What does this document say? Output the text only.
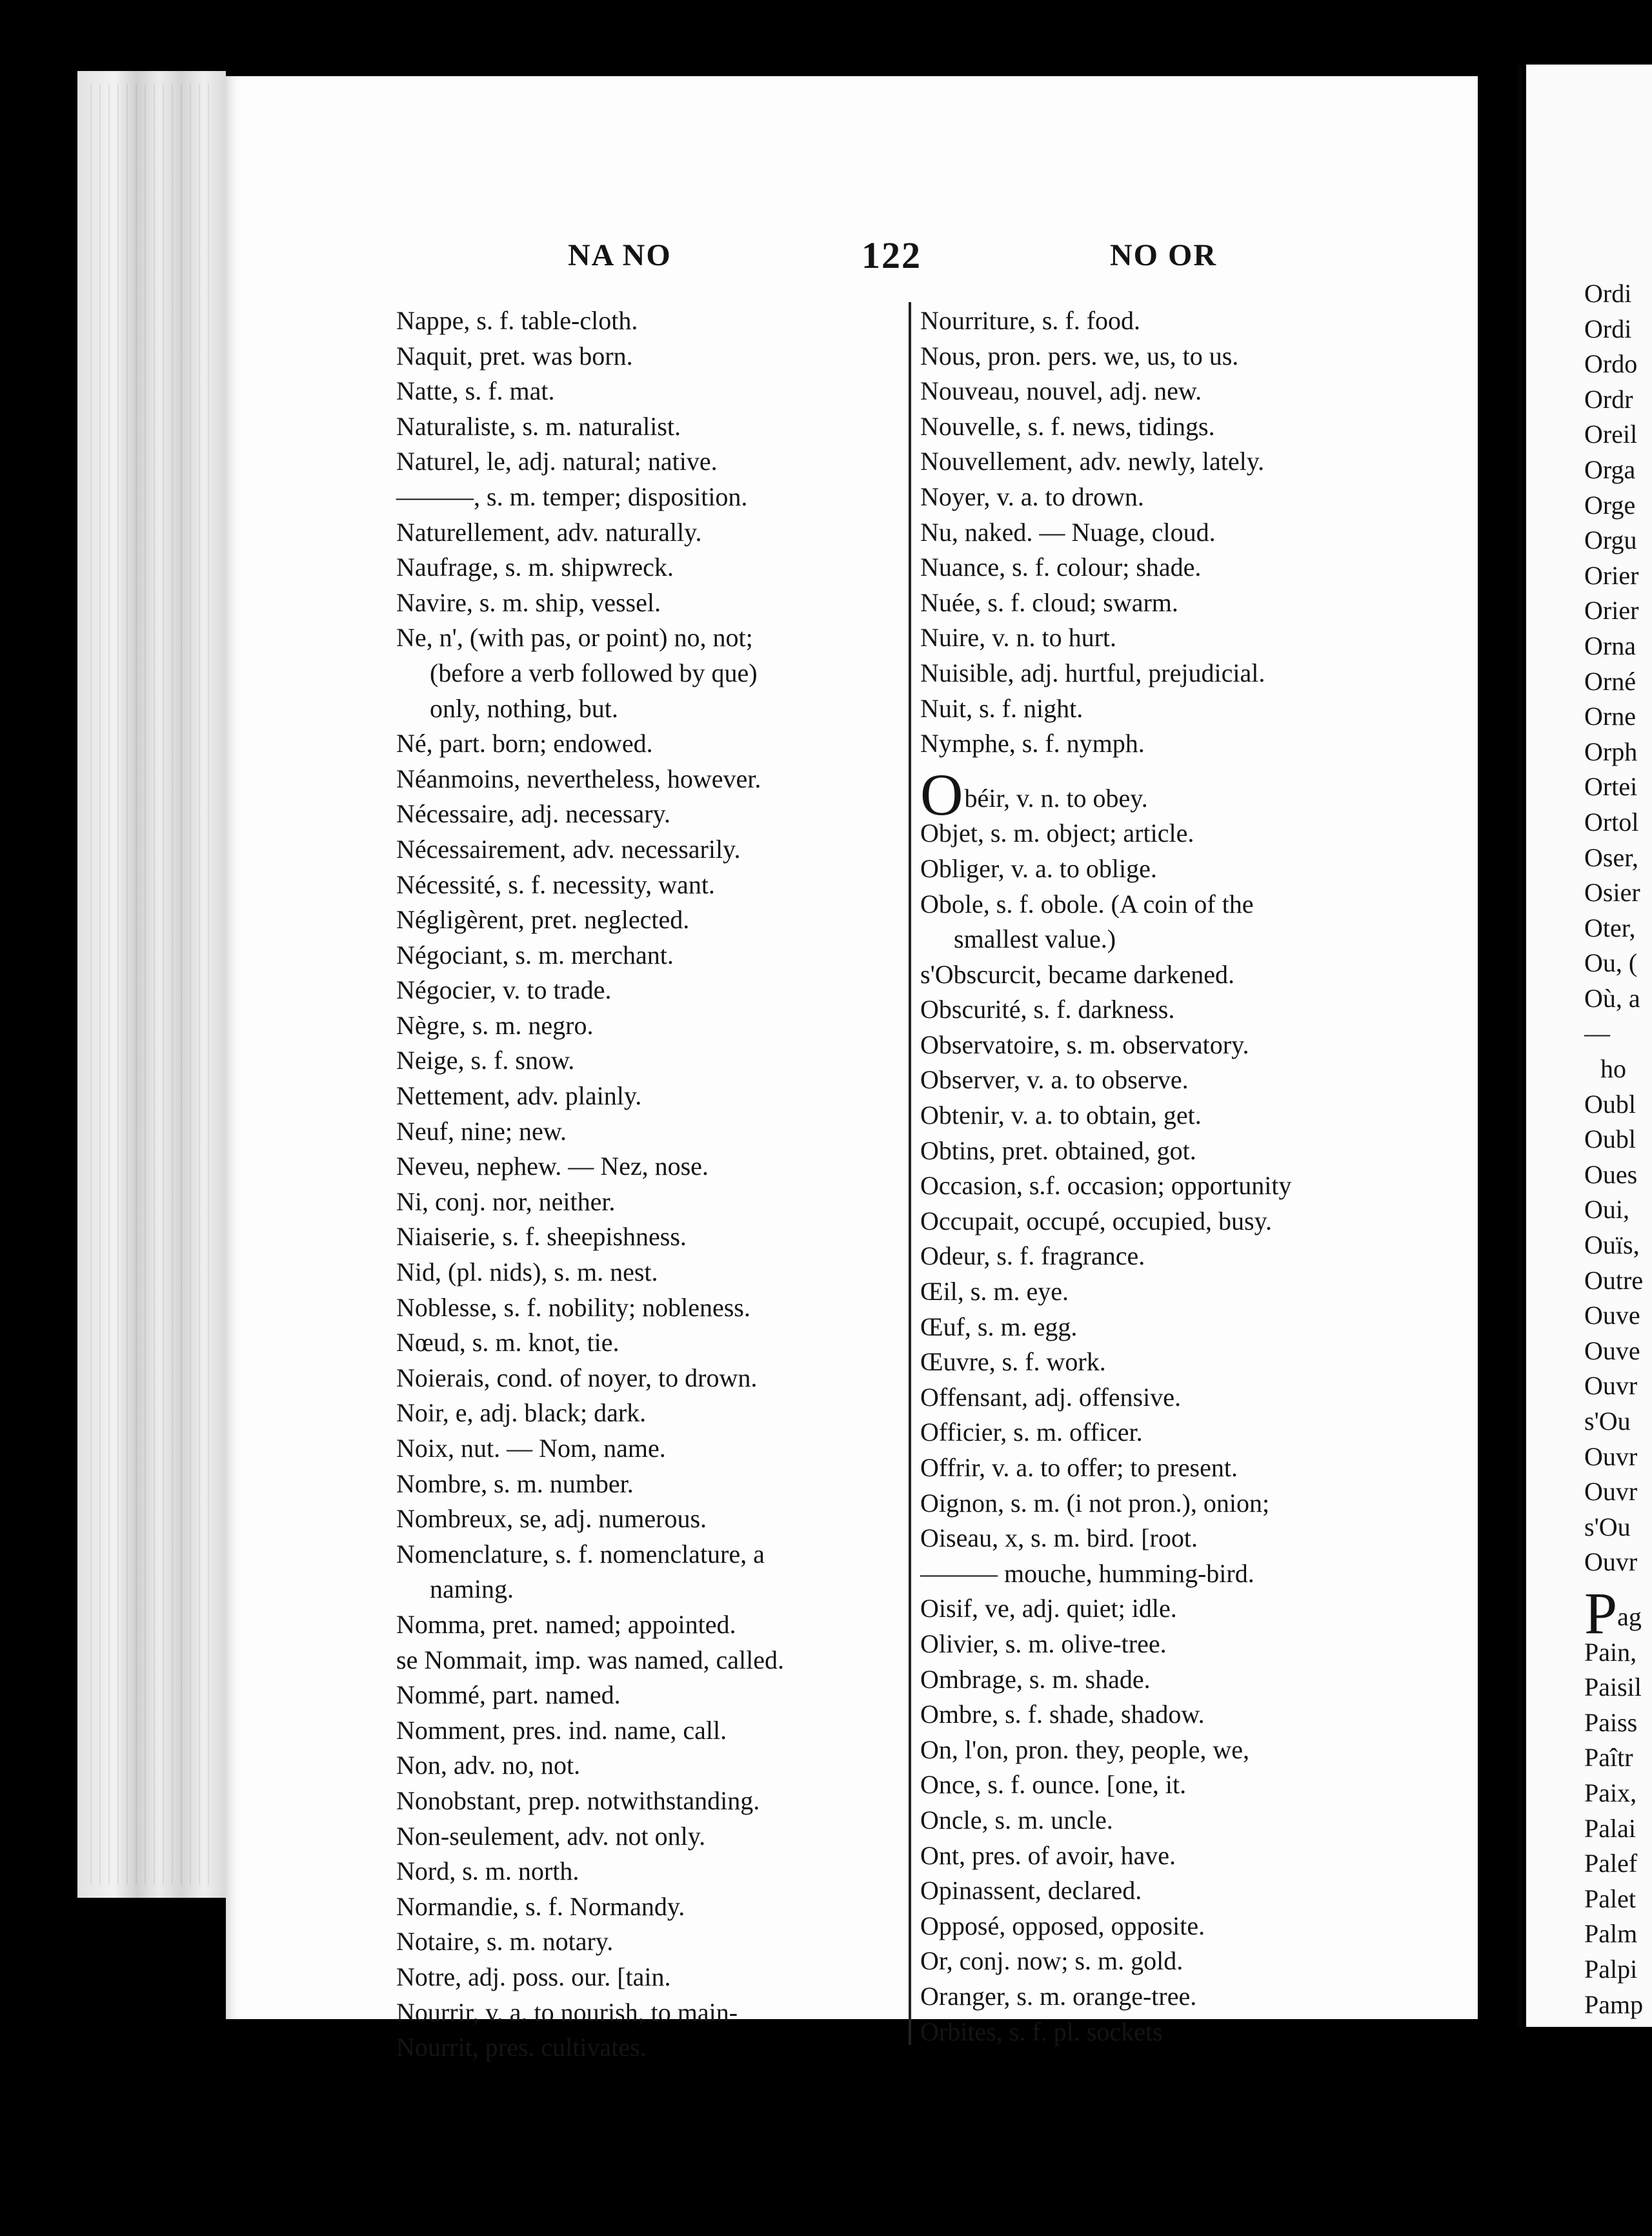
NA NO	122	NO OR
Nappe, s. f. table-cloth.
Naquit, pret. was born.
Natte, s. f. mat.
Naturaliste, s. m. naturalist.
Naturel, le, adj. natural; native.
———, s. m. temper; disposition.
Naturellement, adv. naturally.
Naufrage, s. m. shipwreck.
Navire, s. m. ship, vessel.
Ne, n', (with pas, or point) no, not;
(before a verb followed by que)
only, nothing, but.
Né, part. born; endowed.
Néanmoins, nevertheless, however.
Nécessaire, adj. necessary.
Nécessairement, adv. necessarily.
Nécessité, s. f. necessity, want.
Négligèrent, pret. neglected.
Négociant, s. m. merchant.
Négocier, v. to trade.
Nègre, s. m. negro.
Neige, s. f. snow.
Nettement, adv. plainly.
Neuf, nine; new.
Neveu, nephew. — Nez, nose.
Ni, conj. nor, neither.
Niaiserie, s. f. sheepishness.
Nid, (pl. nids), s. m. nest.
Noblesse, s. f. nobility; nobleness.
Nœud, s. m. knot, tie.
Noierais, cond. of noyer, to drown.
Noir, e, adj. black; dark.
Noix, nut. — Nom, name.
Nombre, s. m. number.
Nombreux, se, adj. numerous.
Nomenclature, s. f. nomenclature, a
naming.
Nomma, pret. named; appointed.
se Nommait, imp. was named, called.
Nommé, part. named.
Nomment, pres. ind. name, call.
Non, adv. no, not.
Nonobstant, prep. notwithstanding.
Non-seulement, adv. not only.
Nord, s. m. north.
Normandie, s. f. Normandy.
Notaire, s. m. notary.
Notre, adj. poss. our. [tain.
Nourrir, v. a. to nourish, to main-
Nourrit, pres. cultivates.
Nourriture, s. f. food.
Nous, pron. pers. we, us, to us.
Nouveau, nouvel, adj. new.
Nouvelle, s. f. news, tidings.
Nouvellement, adv. newly, lately.
Noyer, v. a. to drown.
Nu, naked. — Nuage, cloud.
Nuance, s. f. colour; shade.
Nuée, s. f. cloud; swarm.
Nuire, v. n. to hurt.
Nuisible, adj. hurtful, prejudicial.
Nuit, s. f. night.
Nymphe, s. f. nymph.
Obéir, v. n. to obey.
Objet, s. m. object; article.
Obliger, v. a. to oblige.
Obole, s. f. obole. (A coin of the
smallest value.)
s'Obscurcit, became darkened.
Obscurité, s. f. darkness.
Observatoire, s. m. observatory.
Observer, v. a. to observe.
Obtenir, v. a. to obtain, get.
Obtins, pret. obtained, got.
Occasion, s.f. occasion; opportunity
Occupait, occupé, occupied, busy.
Odeur, s. f. fragrance.
Œil, s. m. eye.
Œuf, s. m. egg.
Œuvre, s. f. work.
Offensant, adj. offensive.
Officier, s. m. officer.
Offrir, v. a. to offer; to present.
Oignon, s. m. (i not pron.), onion;
Oiseau, x, s. m. bird. [root.
——— mouche, humming-bird.
Oisif, ve, adj. quiet; idle.
Olivier, s. m. olive-tree.
Ombrage, s. m. shade.
Ombre, s. f. shade, shadow.
On, l'on, pron. they, people, we,
Once, s. f. ounce. [one, it.
Oncle, s. m. uncle.
Ont, pres. of avoir, have.
Opinassent, declared.
Opposé, opposed, opposite.
Or, conj. now; s. m. gold.
Oranger, s. m. orange-tree.
Orbites, s. f. pl. sockets
Ordi
Ordi
Ordo
Ordr
Oreil
Orga
Orge
Orgu
Orier
Orier
Orna
Orné
Orne
Orph
Ortei
Ortol
Oser,
Osier
Oter,
Ou, (
Où, a
—
ho
Oubl
Oubl
Oues
Oui,
Ouïs,
Outre
Ouve
Ouve
Ouvr
s'Ou
Ouvr
Ouvr
s'Ou
Ouvr
Pag
Pain,
Paisil
Paiss
Paîtr
Paix,
Palai
Palef
Palet
Palm
Palpi
Pamp
